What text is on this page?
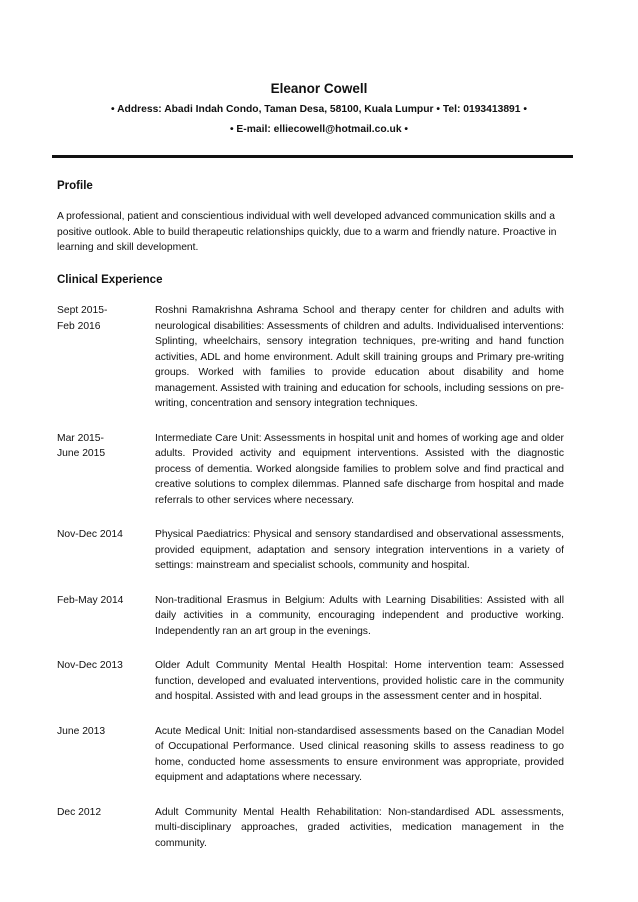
Eleanor Cowell
• Address: Abadi Indah Condo, Taman Desa, 58100, Kuala Lumpur • Tel: 0193413891 •
• E-mail: elliecowell@hotmail.co.uk •
Profile

A professional, patient and conscientious individual with well developed advanced communication skills and a positive outlook. Able to build therapeutic relationships quickly, due to a warm and friendly nature. Proactive in learning and skill development.

Clinical Experience
Sept 2015-
Feb 2016
Roshni Ramakrishna Ashrama School and therapy center for children and adults with neurological disabilities: Assessments of children and adults. Individualised interventions: Splinting, wheelchairs, sensory integration techniques, pre-writing and hand function activities, ADL and home environment. Adult skill training groups and Primary pre-writing groups. Worked with families to provide education about disability and home management. Assisted with training and education for schools, including sessions on pre-writing, concentration and sensory integration techniques.
Mar 2015-
June 2015
Intermediate Care Unit: Assessments in hospital unit and homes of working age and older adults. Provided activity and equipment interventions. Assisted with the diagnostic process of dementia. Worked alongside families to problem solve and find practical and creative solutions to complex dilemmas. Planned safe discharge from hospital and made referrals to other services where necessary.
Nov-Dec 2014	Physical Paediatrics: Physical and sensory standardised and observational assessments, provided equipment, adaptation and sensory integration interventions in a variety of settings: mainstream and specialist schools, community and hospital.
Feb-May 2014	Non-traditional Erasmus in Belgium: Adults with Learning Disabilities: Assisted with all daily activities in a community, encouraging independent and productive working. Independently ran an art group in the evenings.
Nov-Dec 2013	Older Adult Community Mental Health Hospital: Home intervention team: Assessed function, developed and evaluated interventions, provided holistic care in the community and hospital. Assisted with and lead groups in the assessment center and in hospital.
June 2013	Acute Medical Unit: Initial non-standardised assessments based on the Canadian Model of Occupational Performance. Used clinical reasoning skills to assess readiness to go home, conducted home assessments to ensure environment was appropriate, provided equipment and adaptations where necessary.
Dec 2012	Adult Community Mental Health Rehabilitation: Non-standardised ADL assessments, multi-disciplinary approaches, graded activities, medication management in the community.
